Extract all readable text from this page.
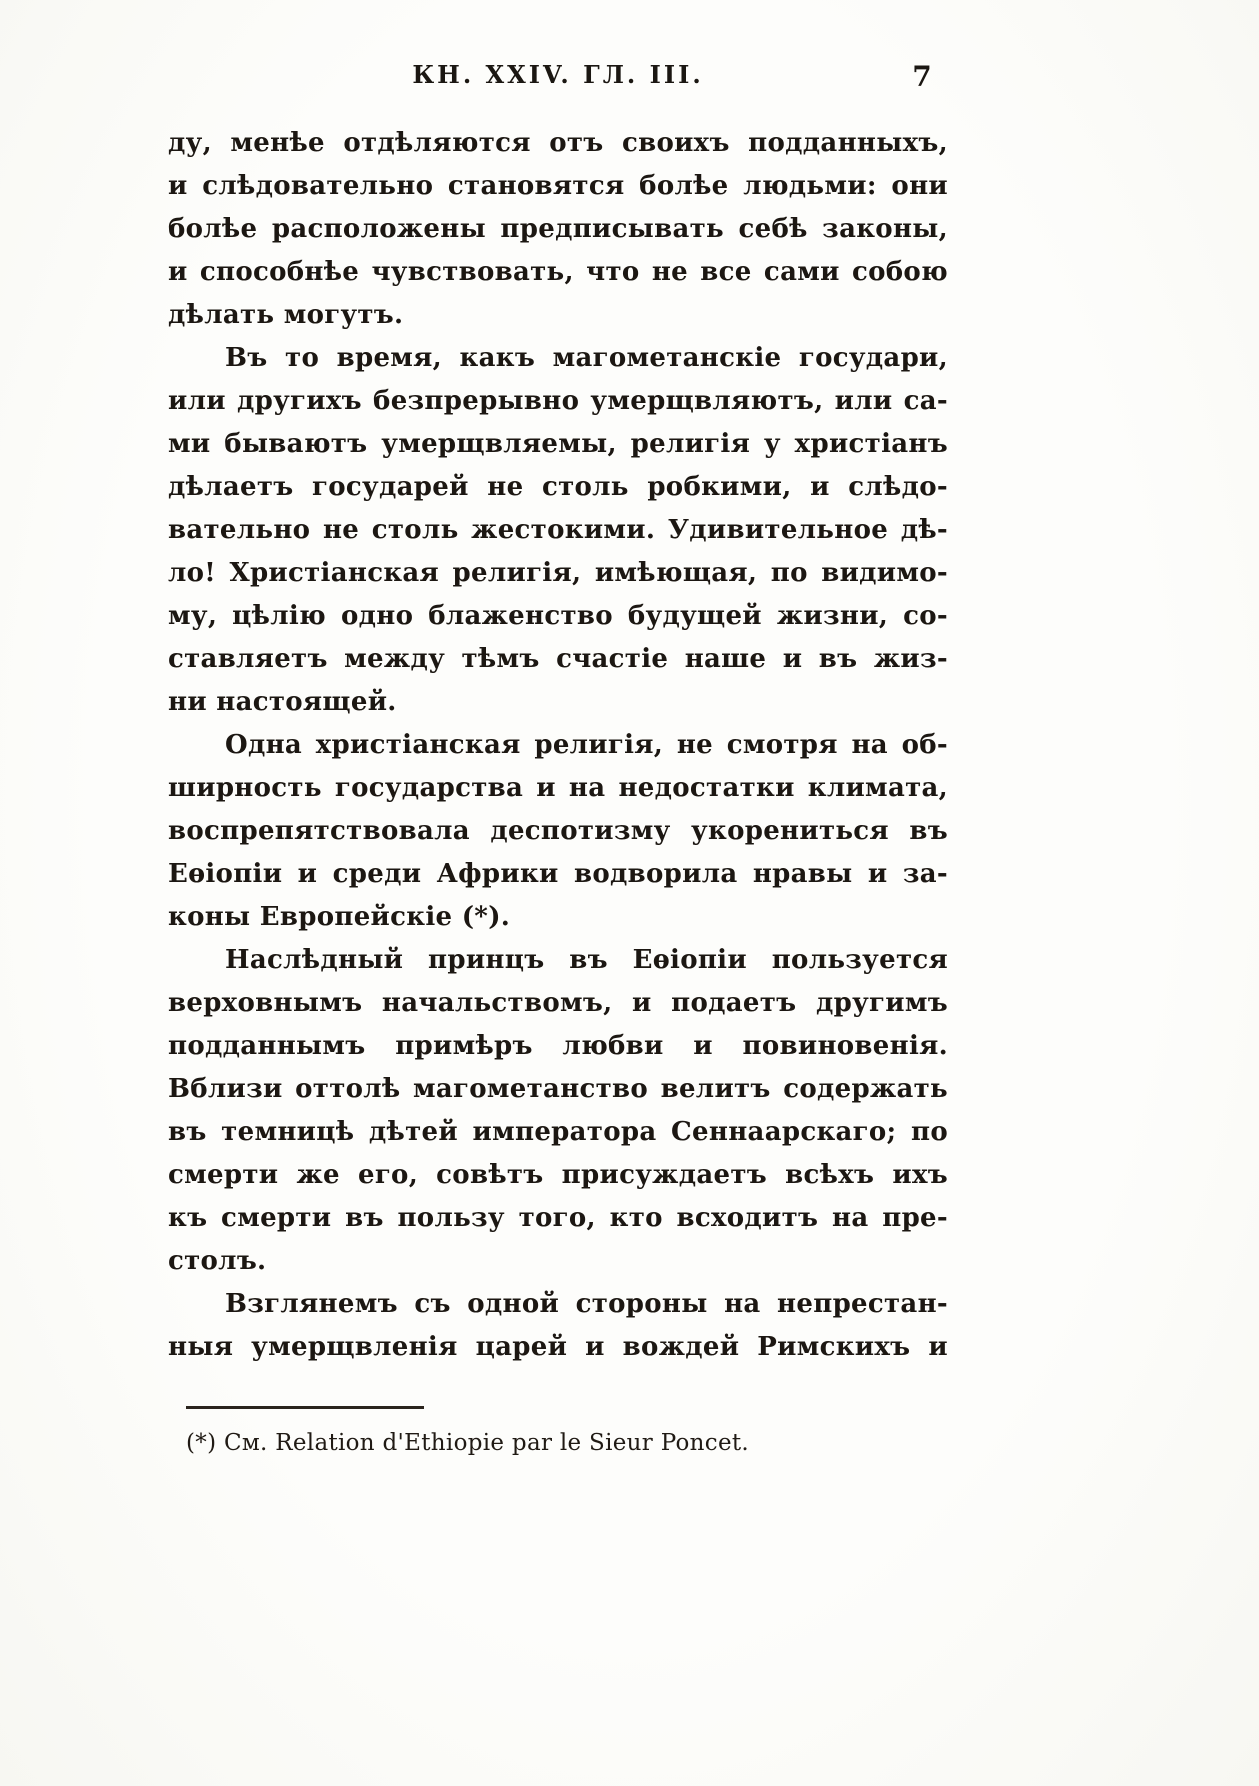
КН. XXIV. ГЛ. III.	7
ду, менѣе отдѣляются отъ своихъ подданныхъ,
и слѣдовательно становятся болѣе людьми: они
болѣе расположены предписывать себѣ законы,
и способнѣе чувствовать, что не все сами собою
дѣлать могутъ.
Въ то время, какъ магометанскіе государи,
или другихъ безпрерывно умерщвляютъ, или са-
ми бываютъ умерщвляемы, религія у христіанъ
дѣлаетъ государей не столь робкими, и слѣдо-
вательно не столь жестокими. Удивительное дѣ-
ло! Христіанская религія, имѣющая, по видимо-
му, цѣлію одно блаженство будущей жизни, со-
ставляетъ между тѣмъ счастіе наше и въ жиз-
ни настоящей.
Одна христіанская религія, не смотря на об-
ширность государства и на недостатки климата,
воспрепятствовала деспотизму укорениться въ
Еѳіопіи и среди Африки водворила нравы и за-
коны Европейскіе (*).
Наслѣдный принцъ въ Еѳіопіи пользуется
верховнымъ начальствомъ, и подаетъ другимъ
подданнымъ примѣръ любви и повиновенія.
Вблизи оттолѣ магометанство велитъ содержать
въ темницѣ дѣтей императора Сеннаарскаго; по
смерти же его, совѣтъ присуждаетъ всѣхъ ихъ
къ смерти въ пользу того, кто всходитъ на пре-
столъ.
Взглянемъ съ одной стороны на непрестан-
ныя умерщвленія царей и вождей Римскихъ и
(*) См. Relation d'Ethiopie par le Sieur Poncet.
